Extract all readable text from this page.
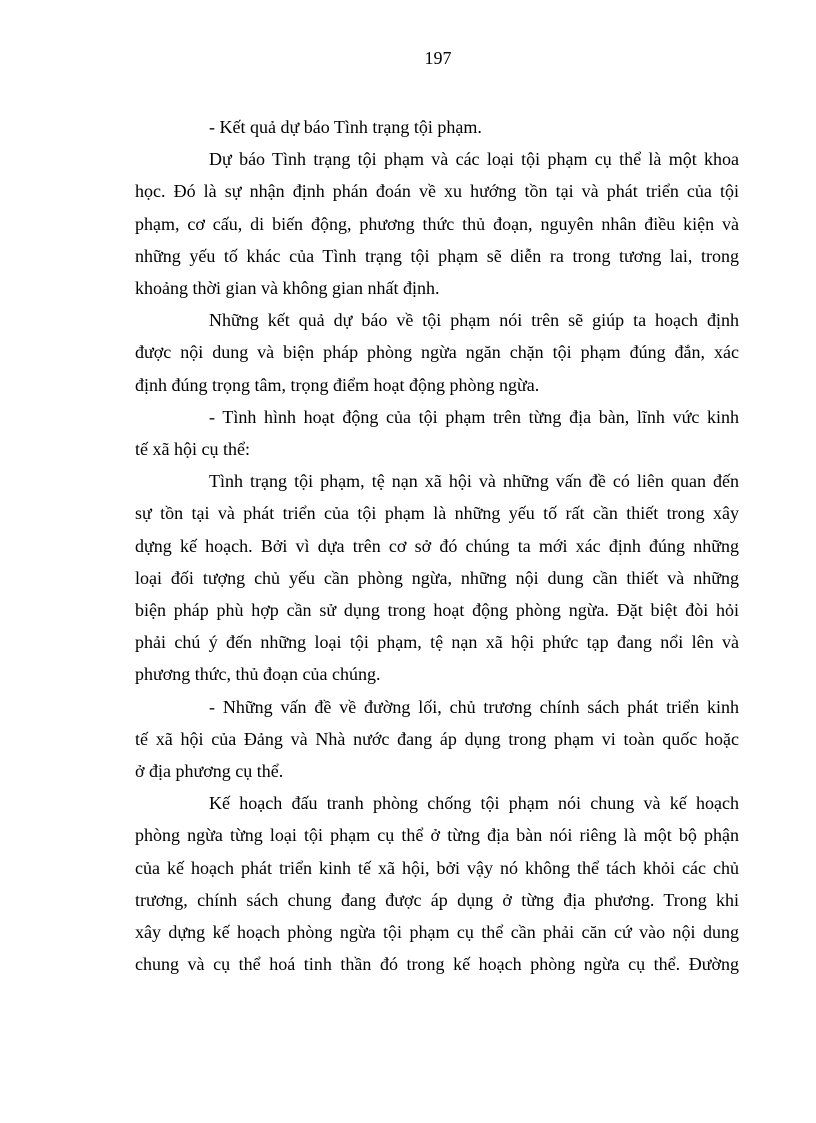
197
- Kết quả dự báo Tình trạng tội phạm.
Dự báo Tình trạng tội phạm và các loại tội phạm cụ thể là một khoa
học. Đó là sự nhận định phán đoán về xu hướng tồn tại và phát triển của tội
phạm, cơ cấu, di biến động, phương thức thủ đoạn, nguyên nhân điều kiện và
những yếu tố khác của Tình trạng tội phạm sẽ diễn ra trong tương lai, trong
khoảng thời gian và không gian nhất định.
Những kết quả dự báo về tội phạm nói trên sẽ giúp ta hoạch định
được nội dung và biện pháp phòng ngừa ngăn chặn tội phạm đúng đắn, xác
định đúng trọng tâm, trọng điểm hoạt động phòng ngừa.
- Tình hình hoạt động của tội phạm trên từng địa bàn, lĩnh vức kinh
tế xã hội cụ thể:
Tình trạng tội phạm, tệ nạn xã hội và những vấn đề có liên quan đến
sự tồn tại và phát triển của tội phạm là những yếu tố rất cần thiết trong xây
dựng kế hoạch. Bởi vì dựa trên cơ sở đó chúng ta mới xác định đúng những
loại đối tượng chủ yếu cần phòng ngừa, những nội dung cần thiết và những
biện pháp phù hợp cần sử dụng trong hoạt động phòng ngừa. Đặt biệt đòi hỏi
phải chú ý đến những loại tội phạm, tệ nạn xã hội phức tạp đang nổi lên và
phương thức, thủ đoạn của chúng.
- Những vấn đề về đường lối, chủ trương chính sách phát triển kinh
tế xã hội của Đảng và Nhà nước đang áp dụng trong phạm vi toàn quốc hoặc
ở địa phương cụ thể.
Kế hoạch đấu tranh phòng chống tội phạm nói chung và kế hoạch
phòng ngừa từng loại tội phạm cụ thể ở từng địa bàn nói riêng là một bộ phận
của kế hoạch phát triển kinh tế xã hội, bởi vậy nó không thể tách khỏi các chủ
trương, chính sách chung đang được áp dụng ở từng địa phương. Trong khi
xây dựng kế hoạch phòng ngừa tội phạm cụ thể cần phải căn cứ vào nội dung
chung và cụ thể hoá tinh thần đó trong kế hoạch phòng ngừa cụ thể. Đường
